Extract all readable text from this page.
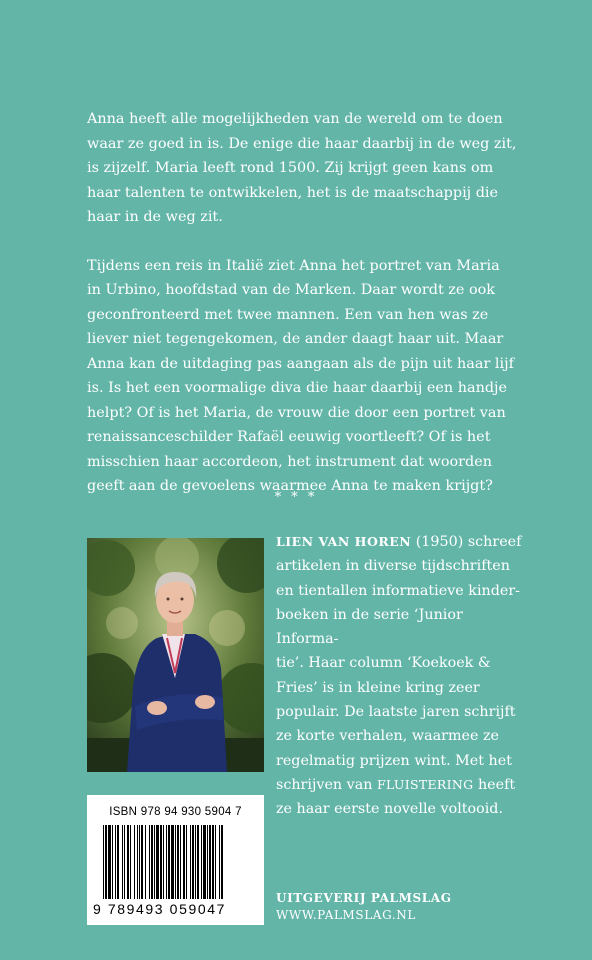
Anna heeft alle mogelijkheden van de wereld om te doen
waar ze goed in is. De enige die haar daarbij in de weg zit,
is zijzelf. Maria leeft rond 1500. Zij krijgt geen kans om
haar talenten te ontwikkelen, het is de maatschappij die
haar in de weg zit.

Tijdens een reis in Italië ziet Anna het portret van Maria
in Urbino, hoofdstad van de Marken. Daar wordt ze ook
geconfronteerd met twee mannen. Een van hen was ze
liever niet tegengekomen, de ander daagt haar uit. Maar
Anna kan de uitdaging pas aangaan als de pijn uit haar lijf
is. Is het een voormalige diva die haar daarbij een handje
helpt? Of is het Maria, de vrouw die door een portret van
renaissanceschilder Rafaël eeuwig voortleeft? Of is het
misschien haar accordeon, het instrument dat woorden
geeft aan de gevoelens waarmee Anna te maken krijgt?

* * *
LIEN VAN HOREN (1950) schreef
artikelen in diverse tijdschriften
en tientallen informatieve kinder-
boeken in de serie ‘Junior Informa-
tie’. Haar column ‘Koekoek &
Fries’ is in kleine kring zeer
populair. De laatste jaren schrijft
ze korte verhalen, waarmee ze
regelmatig prijzen wint. Met het
schrijven van FLUISTERING heeft
ze haar eerste novelle voltooid.
ISBN 978 94 930 5904 7
9 789493 059047
UITGEVERIJ PALMSLAG
WWW.PALMSLAG.NL
